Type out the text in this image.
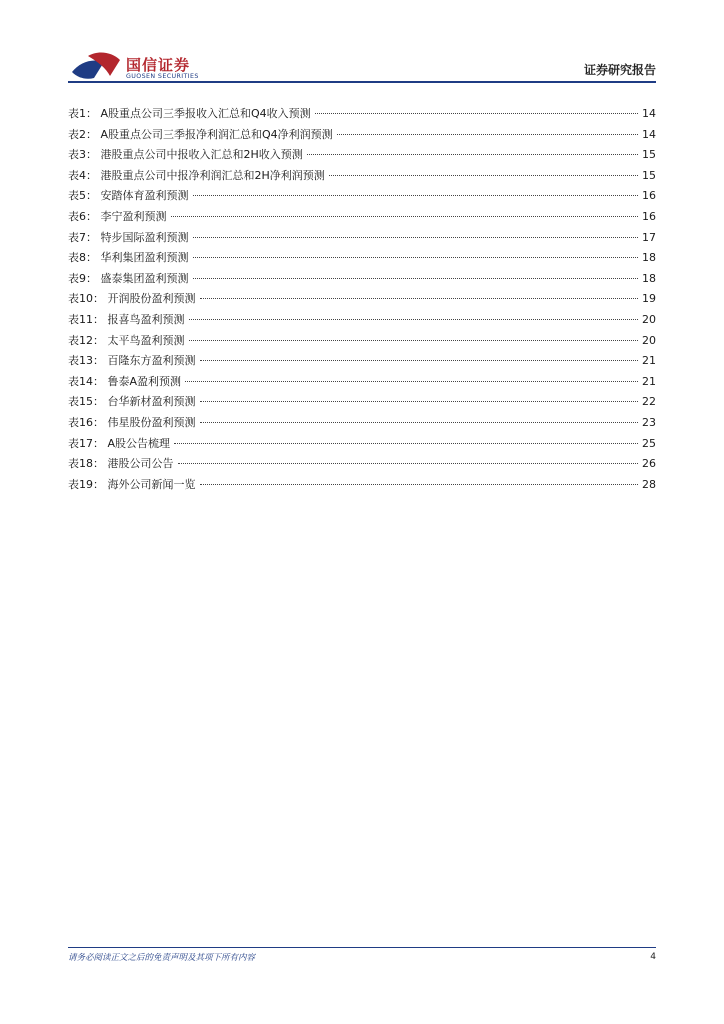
国信证券
GUOSEN SECURITIES	证券研究报告
表1： A股重点公司三季报收入汇总和Q4收入预测	14
表2： A股重点公司三季报净利润汇总和Q4净利润预测	14
表3： 港股重点公司中报收入汇总和2H收入预测	15
表4： 港股重点公司中报净利润汇总和2H净利润预测	15
表5： 安踏体育盈利预测	16
表6： 李宁盈利预测	16
表7： 特步国际盈利预测	17
表8： 华利集团盈利预测	18
表9： 盛泰集团盈利预测	18
表10： 开润股份盈利预测	19
表11： 报喜鸟盈利预测	20
表12： 太平鸟盈利预测	20
表13： 百隆东方盈利预测	21
表14： 鲁泰A盈利预测	21
表15： 台华新材盈利预测	22
表16： 伟星股份盈利预测	23
表17： A股公告梳理	25
表18： 港股公司公告	26
表19： 海外公司新闻一览	28
请务必阅读正文之后的免责声明及其项下所有内容	4
